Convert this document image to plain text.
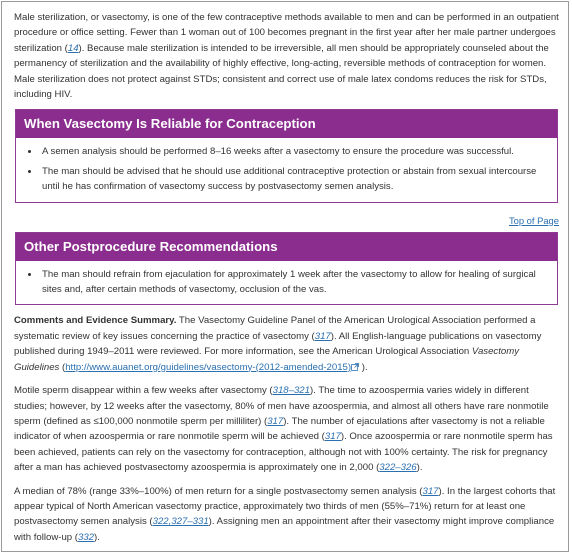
Male sterilization, or vasectomy, is one of the few contraceptive methods available to men and can be performed in an outpatient procedure or office setting. Fewer than 1 woman out of 100 becomes pregnant in the first year after her male partner undergoes sterilization (14). Because male sterilization is intended to be irreversible, all men should be appropriately counseled about the permanency of sterilization and the availability of highly effective, long-acting, reversible methods of contraception for women. Male sterilization does not protect against STDs; consistent and correct use of male latex condoms reduces the risk for STDs, including HIV.

When Vasectomy Is Reliable for Contraception
• A semen analysis should be performed 8–16 weeks after a vasectomy to ensure the procedure was successful.
• The man should be advised that he should use additional contraceptive protection or abstain from sexual intercourse until he has confirmation of vasectomy success by postvasectomy semen analysis.
Top of Page
Other Postprocedure Recommendations
• The man should refrain from ejaculation for approximately 1 week after the vasectomy to allow for healing of surgical sites and, after certain methods of vasectomy, occlusion of the vas.

Comments and Evidence Summary. The Vasectomy Guideline Panel of the American Urological Association performed a systematic review of key issues concerning the practice of vasectomy (317). All English-language publications on vasectomy published during 1949–2011 were reviewed. For more information, see the American Urological Association Vasectomy Guidelines (http://www.auanet.org/guidelines/vasectomy-(2012-amended-2015) ).

Motile sperm disappear within a few weeks after vasectomy (318–321). The time to azoospermia varies widely in different studies; however, by 12 weeks after the vasectomy, 80% of men have azoospermia, and almost all others have rare nonmotile sperm (defined as ≤100,000 nonmotile sperm per milliliter) (317). The number of ejaculations after vasectomy is not a reliable indicator of when azoospermia or rare nonmotile sperm will be achieved (317). Once azoospermia or rare nonmotile sperm has been achieved, patients can rely on the vasectomy for contraception, although not with 100% certainty. The risk for pregnancy after a man has achieved postvasectomy azoospermia is approximately one in 2,000 (322–326).

A median of 78% (range 33%–100%) of men return for a single postvasectomy semen analysis (317). In the largest cohorts that appear typical of North American vasectomy practice, approximately two thirds of men (55%–71%) return for at least one postvasectomy semen analysis (322,327–331). Assigning men an appointment after their vasectomy might improve compliance with follow-up (332).
